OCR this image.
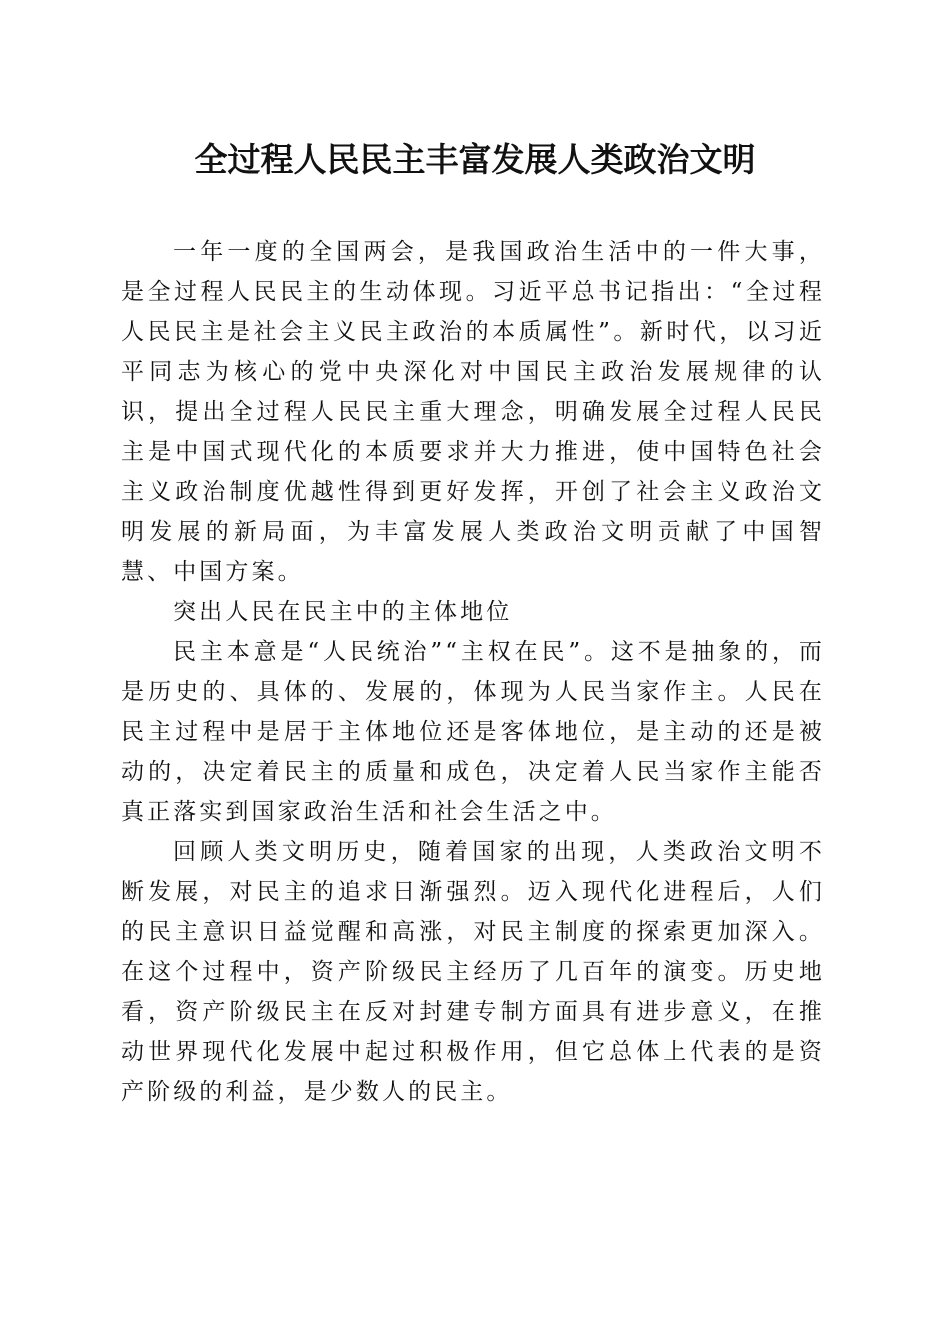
全过程人民民主丰富发展人类政治文明

一年一度的全国两会，是我国政治生活中的一件大事，是全过程人民民主的生动体现。习近平总书记指出：“全过程人民民主是社会主义民主政治的本质属性”。新时代，以习近平同志为核心的党中央深化对中国民主政治发展规律的认识，提出全过程人民民主重大理念，明确发展全过程人民民主是中国式现代化的本质要求并大力推进，使中国特色社会主义政治制度优越性得到更好发挥，开创了社会主义政治文明发展的新局面，为丰富发展人类政治文明贡献了中国智慧、中国方案。

突出人民在民主中的主体地位

民主本意是“人民统治”“主权在民”。这不是抽象的，而是历史的、具体的、发展的，体现为人民当家作主。人民在民主过程中是居于主体地位还是客体地位，是主动的还是被动的，决定着民主的质量和成色，决定着人民当家作主能否真正落实到国家政治生活和社会生活之中。

回顾人类文明历史，随着国家的出现，人类政治文明不断发展，对民主的追求日渐强烈。迈入现代化进程后，人们的民主意识日益觉醒和高涨，对民主制度的探索更加深入。在这个过程中，资产阶级民主经历了几百年的演变。历史地看，资产阶级民主在反对封建专制方面具有进步意义，在推动世界现代化发展中起过积极作用，但它总体上代表的是资产阶级的利益，是少数人的民主。
